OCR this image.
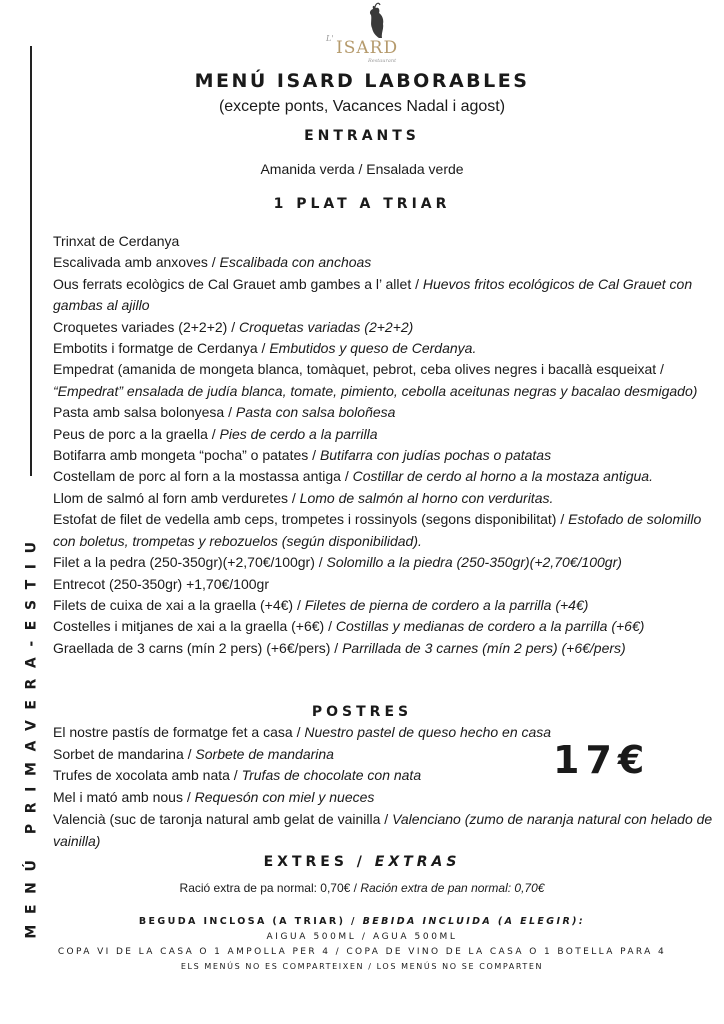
MENÚ PRIMAVERA-ESTIU
L' ISARD
Restaurant
MENÚ ISARD LABORABLES
(excepte ponts, Vacances Nadal i agost)
ENTRANTS
Amanida verda / Ensalada verde
1 PLAT A TRIAR
Trinxat de Cerdanya
Escalivada amb anxoves / Escalibada con anchoas
Ous ferrats ecològics de Cal Grauet amb gambes a l’ allet / Huevos fritos ecológicos de Cal Grauet con gambas al ajillo
Croquetes variades (2+2+2) / Croquetas variadas (2+2+2)
Embotits i formatge de Cerdanya / Embutidos y queso de Cerdanya.
Empedrat (amanida de mongeta blanca, tomàquet, pebrot, ceba olives negres i bacallà esqueixat / “Empedrat” ensalada de judía blanca, tomate, pimiento, cebolla aceitunas negras y bacalao desmigado)
Pasta amb salsa bolonyesa / Pasta con salsa boloñesa
Peus de porc a la graella / Pies de cerdo a la parrilla
Botifarra amb mongeta “pocha” o patates / Butifarra con judías pochas o patatas
Costellam de porc al forn a la mostassa antiga / Costillar de cerdo al horno a la mostaza antigua.
Llom de salmó al forn amb verduretes / Lomo de salmón al horno con verduritas.
Estofat de filet de vedella amb ceps, trompetes i rossinyols (segons disponibilitat) / Estofado de solomillo con boletus, trompetas y rebozuelos (según disponibilidad).
Filet a la pedra (250-350gr)(+2,70€/100gr) / Solomillo a la piedra (250-350gr)(+2,70€/100gr)
Entrecot (250-350gr) +1,70€/100gr
Filets de cuixa de xai a la graella (+4€) / Filetes de pierna de cordero a la parrilla (+4€)
Costelles i mitjanes de xai a la graella (+6€) / Costillas y medianas de cordero a la parrilla (+6€)
Graellada de 3 carns (mín 2 pers) (+6€/pers) / Parrillada de 3 carnes (mín 2 pers) (+6€/pers)
POSTRES
El nostre pastís de formatge fet a casa / Nuestro pastel de queso hecho en casa
Sorbet de mandarina / Sorbete de mandarina
Trufes de xocolata amb nata / Trufas de chocolate con nata
Mel i mató amb nous / Requesón con miel y nueces
Valencià (suc de taronja natural amb gelat de vainilla / Valenciano (zumo de naranja natural con helado de vainilla)
17€
EXTRES / EXTRAS
Ració extra de pa normal: 0,70€ / Ración extra de pan normal: 0,70€
BEGUDA INCLOSA (A TRIAR) / BEBIDA INCLUIDA (A ELEGIR):
AIGUA 500ML / AGUA 500ML
COPA VI DE LA CASA O 1 AMPOLLA PER 4 / COPA DE VINO DE LA CASA O 1 BOTELLA PARA 4
ELS MENÚS NO ES COMPARTEIXEN / LOS MENÚS NO SE COMPARTEN
